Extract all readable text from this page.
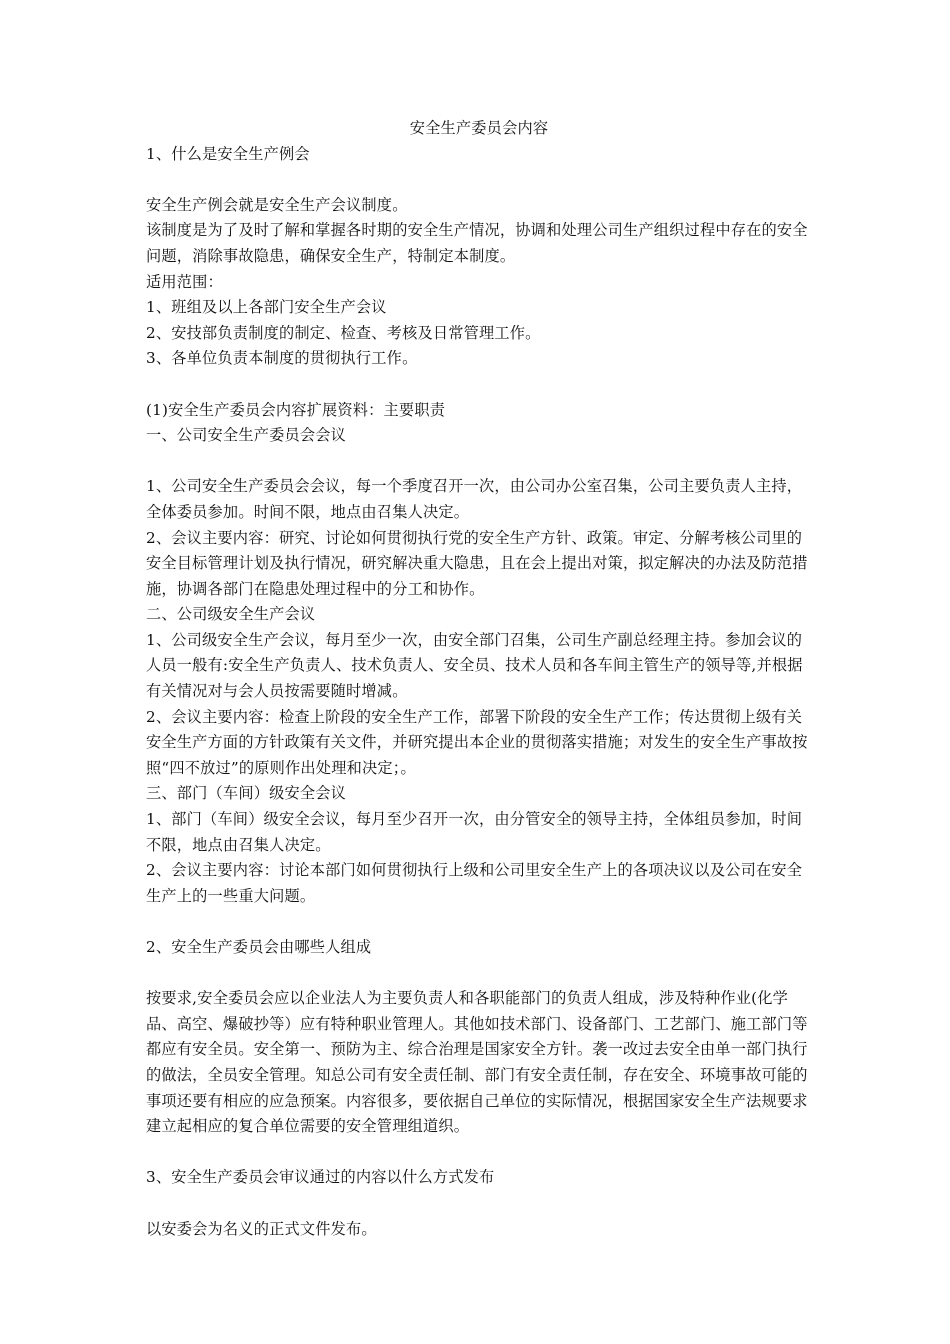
安全生产委员会内容

1、什么是安全生产例会

安全生产例会就是安全生产会议制度。

该制度是为了及时了解和掌握各时期的安全生产情况，协调和处理公司生产组织过程中存在的安全问题，消除事故隐患，确保安全生产，特制定本制度。

适用范围：

1、班组及以上各部门安全生产会议

2、安技部负责制度的制定、检查、考核及日常管理工作。

3、各单位负责本制度的贯彻执行工作。

(1)安全生产委员会内容扩展资料：主要职责

一、公司安全生产委员会会议

1、公司安全生产委员会会议，每一个季度召开一次，由公司办公室召集，公司主要负责人主持，全体委员参加。时间不限，地点由召集人决定。

2、会议主要内容：研究、讨论如何贯彻执行党的安全生产方针、政策。审定、分解考核公司里的安全目标管理计划及执行情况，研究解决重大隐患，且在会上提出对策，拟定解决的办法及防范措施，协调各部门在隐患处理过程中的分工和协作。

二、公司级安全生产会议

1、公司级安全生产会议，每月至少一次，由安全部门召集，公司生产副总经理主持。参加会议的人员一般有:安全生产负责人、技术负责人、安全员、技术人员和各车间主管生产的领导等,并根据有关情况对与会人员按需要随时增减。

2、会议主要内容：检查上阶段的安全生产工作，部署下阶段的安全生产工作；传达贯彻上级有关安全生产方面的方针政策有关文件，并研究提出本企业的贯彻落实措施；对发生的安全生产事故按照“四不放过”的原则作出处理和决定；。

三、部门（车间）级安全会议

1、部门（车间）级安全会议，每月至少召开一次，由分管安全的领导主持，全体组员参加，时间不限，地点由召集人决定。

2、会议主要内容：讨论本部门如何贯彻执行上级和公司里安全生产上的各项决议以及公司在安全生产上的一些重大问题。

2、安全生产委员会由哪些人组成

按要求,安全委员会应以企业法人为主要负责人和各职能部门的负责人组成，涉及特种作业(化学品、高空、爆破抄等）应有特种职业管理人。其他如技术部门、设备部门、工艺部门、施工部门等都应有安全员。安全第一、预防为主、综合治理是国家安全方针。袭一改过去安全由单一部门执行的做法，全员安全管理。知总公司有安全责任制、部门有安全责任制，存在安全、环境事故可能的事项还要有相应的应急预案。内容很多，要依据自己单位的实际情况，根据国家安全生产法规要求建立起相应的复合单位需要的安全管理组道织。

3、安全生产委员会审议通过的内容以什么方式发布

以安委会为名义的正式文件发布。
